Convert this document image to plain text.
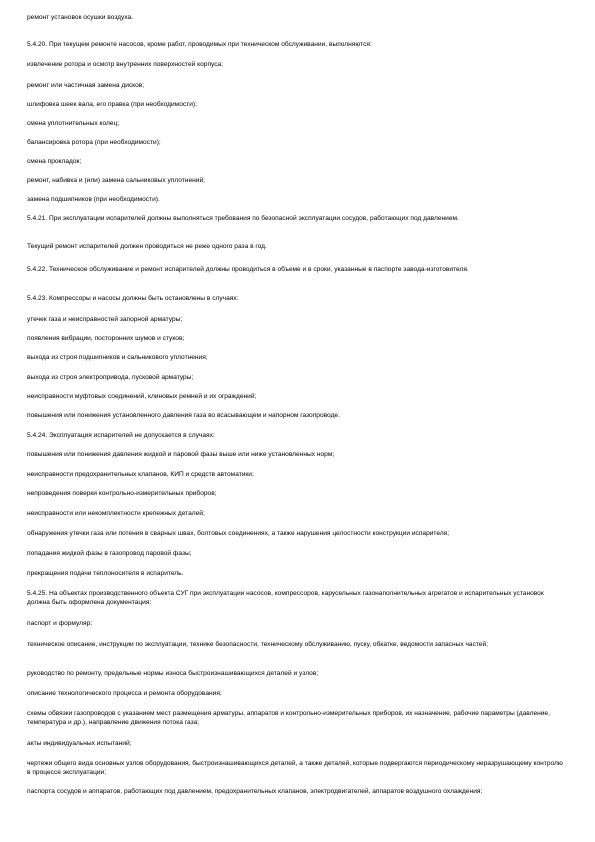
ремонт установок осушки воздуха.

5.4.20. При текущем ремонте насосов, кроме работ, проводимых при техническом обслуживании, выполняются:

извлечение ротора и осмотр внутренних поверхностей корпуса;

ремонт или частичная замена дисков;

шлифовка шеек вала, его правка (при необходимости);

смена уплотнительных колец;

балансировка ротора (при необходимости);

смена прокладок;

ремонт, набивка и (или) замена сальниковых уплотнений;

замена подшипников (при необходимости).

5.4.21. При эксплуатации испарителей должны выполняться требования по безопасной эксплуатации сосудов, работающих под давлением.

Текущий ремонт испарителей должен проводиться не реже одного раза в год.

5.4.22. Техническое обслуживание и ремонт испарителей должны проводиться в объеме и в сроки, указанные в паспорте завода-изготовителя.

5.4.23. Компрессоры и насосы должны быть остановлены в случаях:

утечек газа и неисправностей запорной арматуры;

появления вибрации, посторонних шумов и стуков;

выхода из строя подшипников и сальникового уплотнения;

выхода из строя электропривода, пусковой арматуры;

неисправности муфтовых соединений, клиновых ремней и их ограждений;

повышения или понижения установленного давления газа во всасывающем и напорном газопроводе.

5.4.24. Эксплуатация испарителей не допускается в случаях:

повышения или понижения давления жидкой и паровой фазы выше или ниже установленных норм;

неисправности предохранительных клапанов, КИП и средств автоматики;

непроведения поверки контрольно-измерительных приборов;

неисправности или некомплектности крепежных деталей;

обнаружения утечки газа или потения в сварных швах, болтовых соединениях, а также нарушения целостности конструкции испарителя;

попадания жидкой фазы в газопровод паровой фазы;

прекращения подачи теплоносителя в испаритель.

5.4.25. На объектах производственного объекта СУГ при эксплуатации насосов, компрессоров, карусельных газонаполнительных агрегатов и испарительных установок должна быть оформлена документация:

паспорт и формуляр;

техническое описание, инструкции по эксплуатации, технике безопасности, техническому обслуживанию, пуску, обкатке, ведомости запасных частей;

руководство по ремонту, предельные нормы износа быстроизнашивающихся деталей и узлов;

описание технологического процесса и ремонта оборудования;

схемы обвязки газопроводов с указанием мест размещения арматуры, аппаратов и контрольно-измерительных приборов, их назначение, рабочие параметры (давление, температура и др.), направление движения потока газа;

акты индивидуальных испытаний;

чертежи общего вида основных узлов оборудования, быстроизнашивающихся деталей, а также деталей, которые подвергаются периодическому неразрушающему контролю в процессе эксплуатации;

паспорта сосудов и аппаратов, работающих под давлением, предохранительных клапанов, электродвигателей, аппаратов воздушного охлаждения;
